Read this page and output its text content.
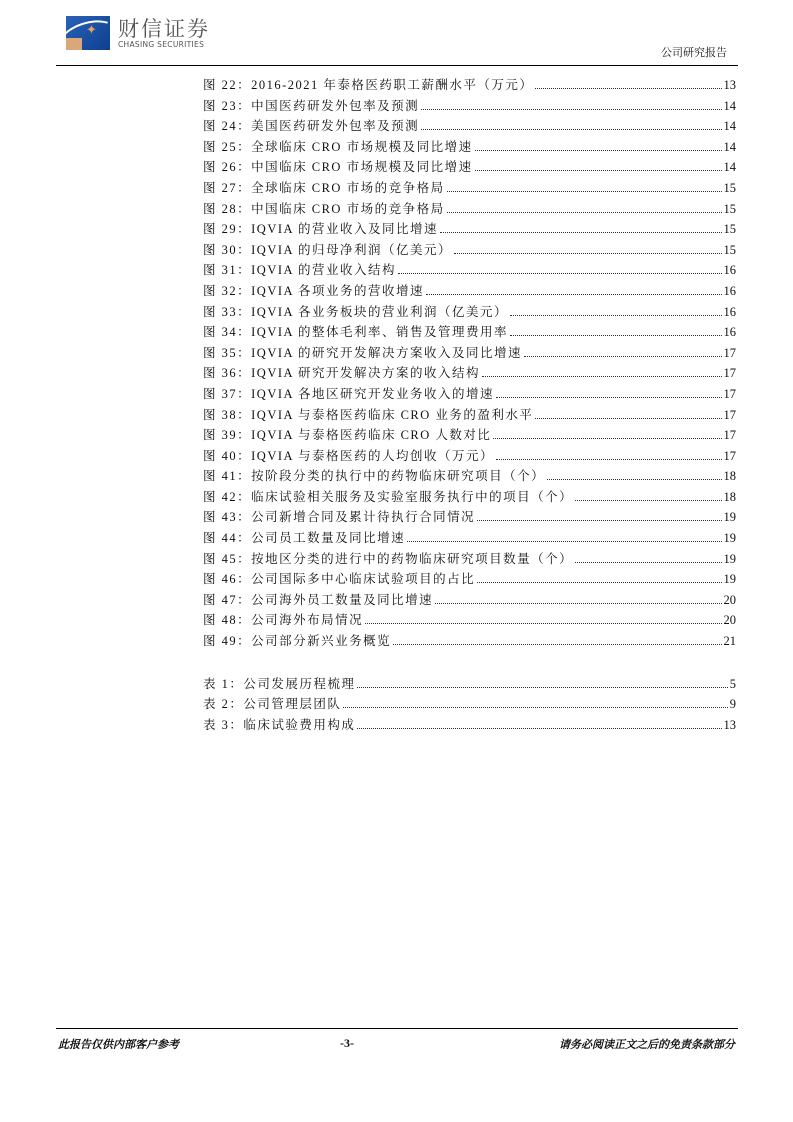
✦ 财信证券
CHASING SECURITIES
公司研究报告
图 22：2016-2021 年泰格医药职工薪酬水平（万元）	13
图 23：中国医药研发外包率及预测	14
图 24：美国医药研发外包率及预测	14
图 25：全球临床 CRO 市场规模及同比增速	14
图 26：中国临床 CRO 市场规模及同比增速	14
图 27：全球临床 CRO 市场的竞争格局	15
图 28：中国临床 CRO 市场的竞争格局	15
图 29：IQVIA 的营业收入及同比增速	15
图 30：IQVIA 的归母净利润（亿美元）	15
图 31：IQVIA 的营业收入结构	16
图 32：IQVIA 各项业务的营收增速	16
图 33：IQVIA 各业务板块的营业利润（亿美元）	16
图 34：IQVIA 的整体毛利率、销售及管理费用率	16
图 35：IQVIA 的研究开发解决方案收入及同比增速	17
图 36：IQVIA 研究开发解决方案的收入结构	17
图 37：IQVIA 各地区研究开发业务收入的增速	17
图 38：IQVIA 与泰格医药临床 CRO 业务的盈利水平	17
图 39：IQVIA 与泰格医药临床 CRO 人数对比	17
图 40：IQVIA 与泰格医药的人均创收（万元）	17
图 41：按阶段分类的执行中的药物临床研究项目（个）	18
图 42：临床试验相关服务及实验室服务执行中的项目（个）	18
图 43：公司新增合同及累计待执行合同情况	19
图 44：公司员工数量及同比增速	19
图 45：按地区分类的进行中的药物临床研究项目数量（个）	19
图 46：公司国际多中心临床试验项目的占比	19
图 47：公司海外员工数量及同比增速	20
图 48：公司海外布局情况	20
图 49：公司部分新兴业务概览	21
表 1：公司发展历程梳理	5
表 2：公司管理层团队	9
表 3：临床试验费用构成	13
此报告仅供内部客户参考	-3-	请务必阅读正文之后的免责条款部分
